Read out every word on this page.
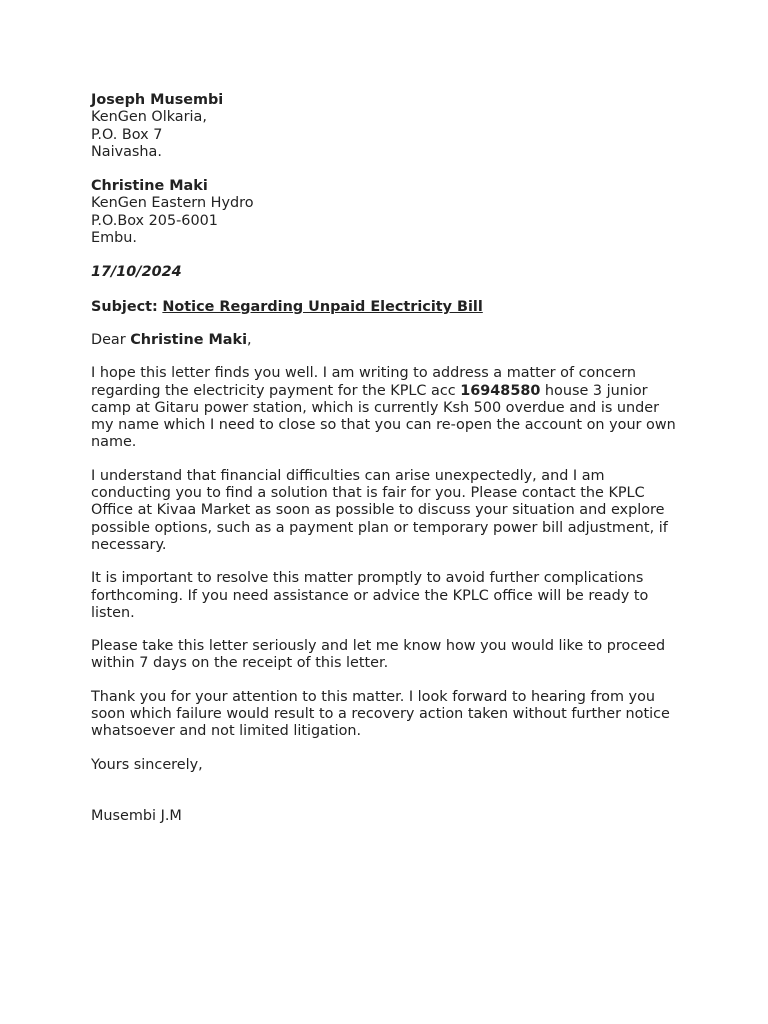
Joseph Musembi
KenGen Olkaria,
P.O. Box 7
Naivasha.
Christine Maki
KenGen Eastern Hydro
P.O.Box 205-6001
Embu.
17/10/2024
Subject: Notice Regarding Unpaid Electricity Bill
Dear Christine Maki,
I hope this letter finds you well. I am writing to address a matter of concern
regarding the electricity payment for the KPLC acc 16948580 house 3 junior
camp at Gitaru power station, which is currently Ksh 500 overdue and is under
my name which I need to close so that you can re-open the account on your own
name.
I understand that financial difficulties can arise unexpectedly, and I am
conducting you to find a solution that is fair for you. Please contact the KPLC
Office at Kivaa Market as soon as possible to discuss your situation and explore
possible options, such as a payment plan or temporary power bill adjustment, if
necessary.
It is important to resolve this matter promptly to avoid further complications
forthcoming. If you need assistance or advice the KPLC office will be ready to
listen.
Please take this letter seriously and let me know how you would like to proceed
within 7 days on the receipt of this letter.
Thank you for your attention to this matter. I look forward to hearing from you
soon which failure would result to a recovery action taken without further notice
whatsoever and not limited litigation.
Yours sincerely,
Musembi J.M
